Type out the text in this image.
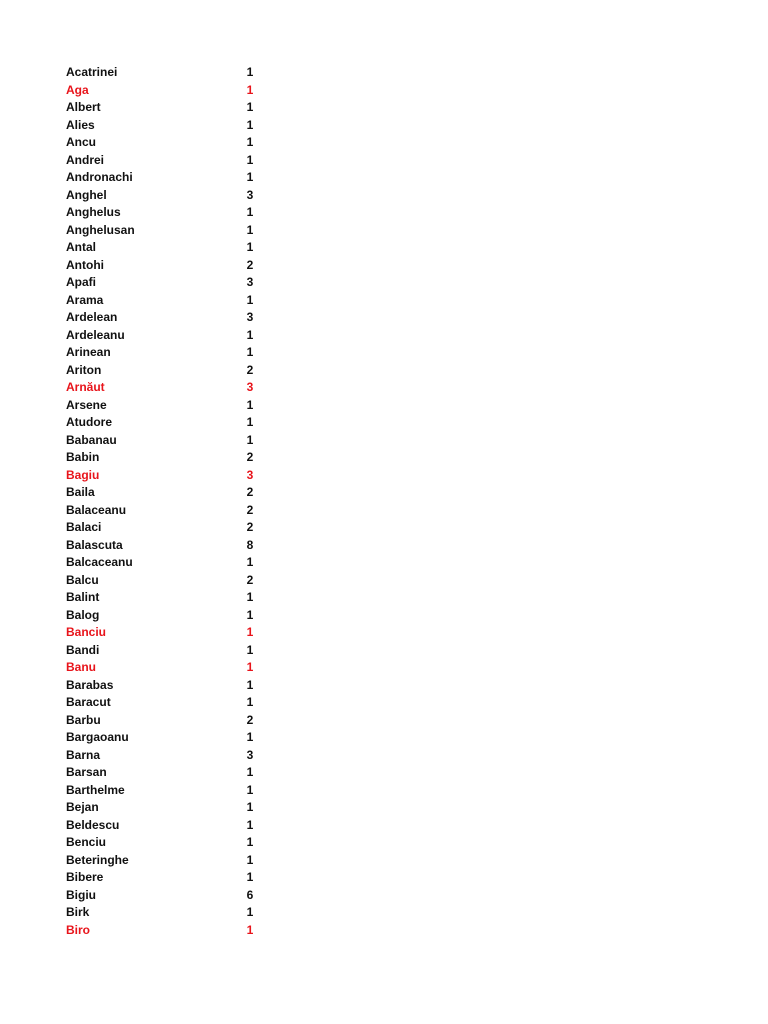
Acatrinei	1
Aga	1
Albert	1
Alies	1
Ancu	1
Andrei	1
Andronachi	1
Anghel	3
Anghelus	1
Anghelusan	1
Antal	1
Antohi	2
Apafi	3
Arama	1
Ardelean	3
Ardeleanu	1
Arinean	1
Ariton	2
Arnăut	3
Arsene	1
Atudore	1
Babanau	1
Babin	2
Bagiu	3
Baila	2
Balaceanu	2
Balaci	2
Balascuta	8
Balcaceanu	1
Balcu	2
Balint	1
Balog	1
Banciu	1
Bandi	1
Banu	1
Barabas	1
Baracut	1
Barbu	2
Bargaoanu	1
Barna	3
Barsan	1
Barthelme	1
Bejan	1
Beldescu	1
Benciu	1
Beteringhe	1
Bibere	1
Bigiu	6
Birk	1
Biro	1
